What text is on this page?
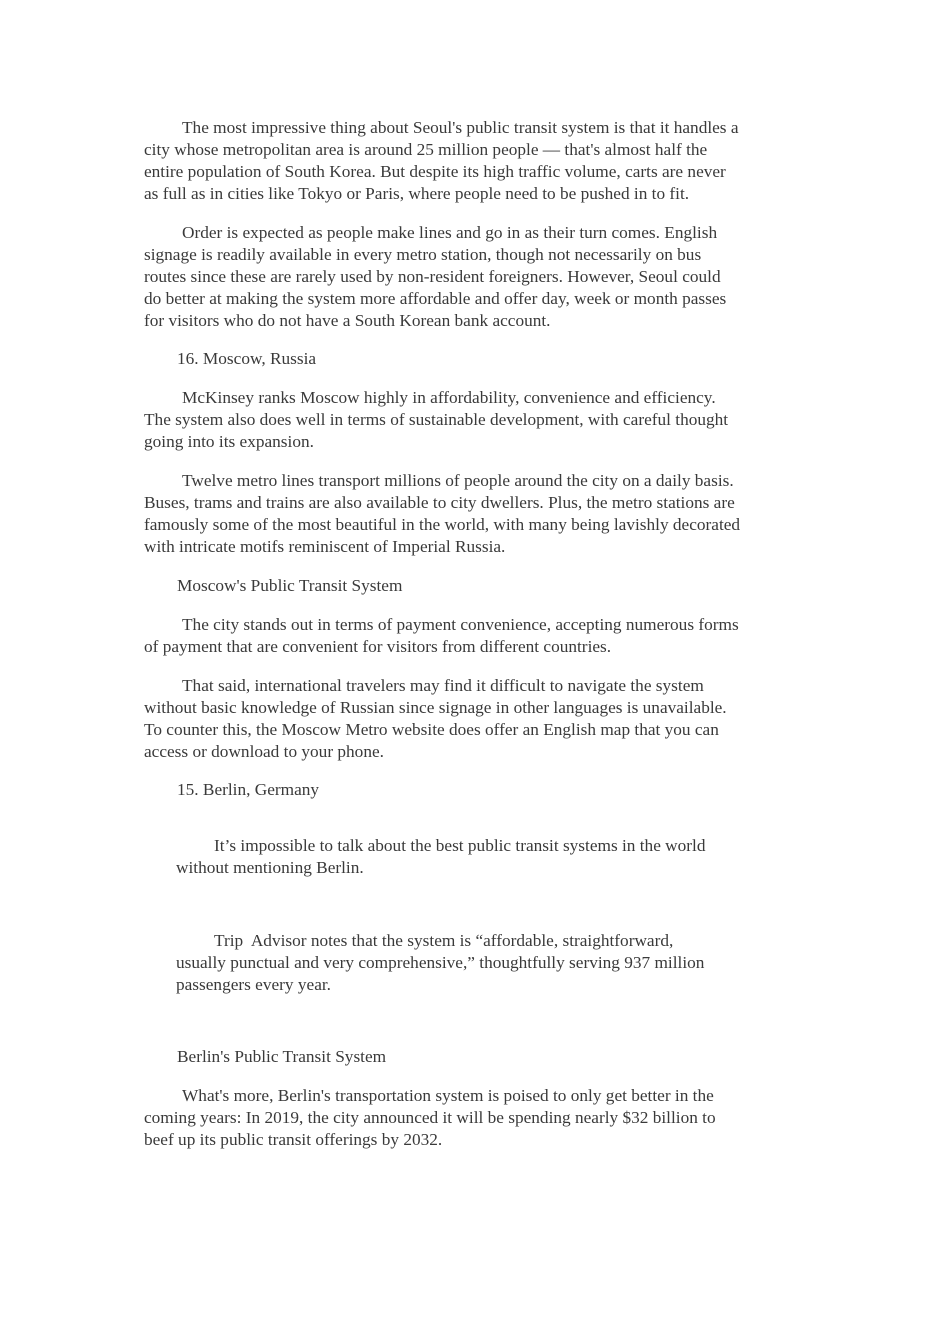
The most impressive thing about Seoul's public transit system is that it handles a
city whose metropolitan area is around 25 million people — that's almost half the
entire population of South Korea. But despite its high traffic volume, carts are never
as full as in cities like Tokyo or Paris, where people need to be pushed in to fit.

Order is expected as people make lines and go in as their turn comes. English
signage is readily available in every metro station, though not necessarily on bus
routes since these are rarely used by non-resident foreigners. However, Seoul could
do better at making the system more affordable and offer day, week or month passes
for visitors who do not have a South Korean bank account.

16. Moscow, Russia

McKinsey ranks Moscow highly in affordability, convenience and efficiency.
The system also does well in terms of sustainable development, with careful thought
going into its expansion.

Twelve metro lines transport millions of people around the city on a daily basis.
Buses, trams and trains are also available to city dwellers. Plus, the metro stations are
famously some of the most beautiful in the world, with many being lavishly decorated
with intricate motifs reminiscent of Imperial Russia.

Moscow's Public Transit System

The city stands out in terms of payment convenience, accepting numerous forms
of payment that are convenient for visitors from different countries.

That said, international travelers may find it difficult to navigate the system
without basic knowledge of Russian since signage in other languages is unavailable.
To counter this, the Moscow Metro website does offer an English map that you can
access or download to your phone.

15. Berlin, Germany

It’s impossible to talk about the best public transit systems in the world
without mentioning Berlin.

Trip  Advisor notes that the system is “affordable, straightforward,
usually punctual and very comprehensive,” thoughtfully serving 937 million
passengers every year.

Berlin's Public Transit System

What's more, Berlin's transportation system is poised to only get better in the
coming years: In 2019, the city announced it will be spending nearly $32 billion to
beef up its public transit offerings by 2032.
